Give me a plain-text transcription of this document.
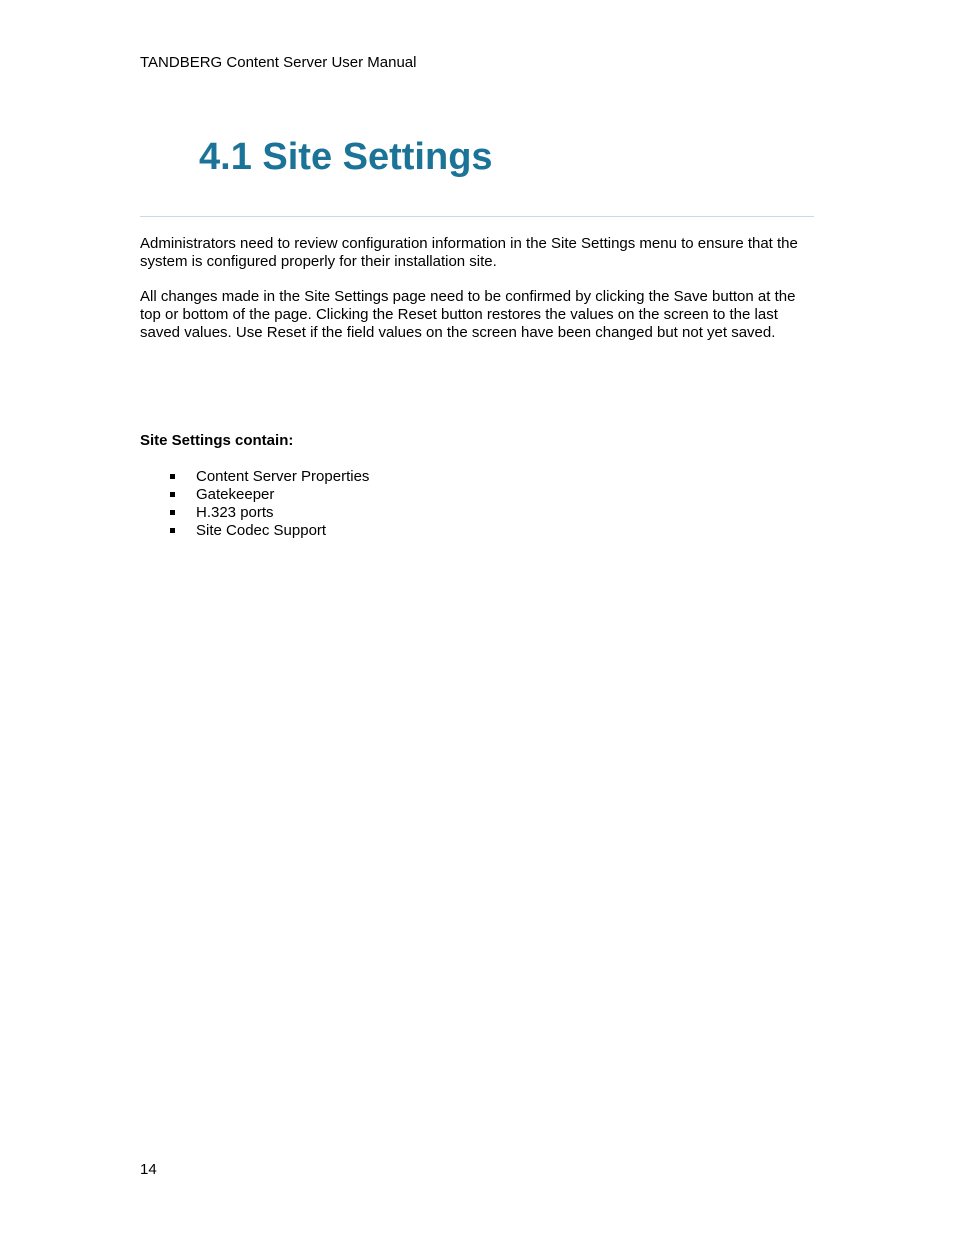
TANDBERG Content Server User Manual
4.1 Site Settings

Administrators need to review configuration information in the Site Settings menu to ensure that the system is configured properly for their installation site.

All changes made in the Site Settings page need to be confirmed by clicking the Save button at the top or bottom of the page. Clicking the Reset button restores the values on the screen to the last saved values. Use Reset if the field values on the screen have been changed but not yet saved.

Site Settings contain:

Content Server Properties
Gatekeeper
H.323 ports
Site Codec Support
14
